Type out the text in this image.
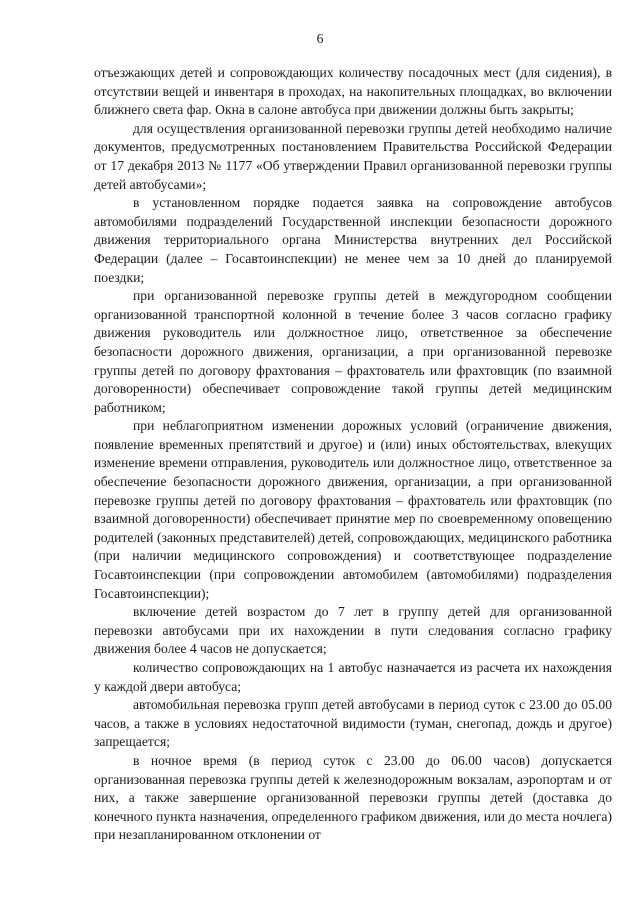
6

отъезжающих детей и сопровождающих количеству посадочных мест (для сидения), в отсутствии вещей и инвентаря в проходах, на накопительных площадках, во включении ближнего света фар. Окна в салоне автобуса при движении должны быть закрыты;

для осуществления организованной перевозки группы детей необходимо наличие документов, предусмотренных постановлением Правительства Российской Федерации от 17 декабря 2013 № 1177 «Об утверждении Правил организованной перевозки группы детей автобусами»;

в установленном порядке подается заявка на сопровождение автобусов автомобилями подразделений Государственной инспекции безопасности дорожного движения территориального органа Министерства внутренних дел Российской Федерации (далее – Госавтоинспекции) не менее чем за 10 дней до планируемой поездки;

при организованной перевозке группы детей в междугородном сообщении организованной транспортной колонной в течение более 3 часов согласно графику движения руководитель или должностное лицо, ответственное за обеспечение безопасности дорожного движения, организации, а при организованной перевозке группы детей по договору фрахтования – фрахтователь или фрахтовщик (по взаимной договоренности) обеспечивает сопровождение такой группы детей медицинским работником;

при неблагоприятном изменении дорожных условий (ограничение движения, появление временных препятствий и другое) и (или) иных обстоятельствах, влекущих изменение времени отправления, руководитель или должностное лицо, ответственное за обеспечение безопасности дорожного движения, организации, а при организованной перевозке группы детей по договору фрахтования – фрахтователь или фрахтовщик (по взаимной договоренности) обеспечивает принятие мер по своевременному оповещению родителей (законных представителей) детей, сопровождающих, медицинского работника (при наличии медицинского сопровождения) и соответствующее подразделение Госавтоинспекции (при сопровождении автомобилем (автомобилями) подразделения Госавтоинспекции);

включение детей возрастом до 7 лет в группу детей для организованной перевозки автобусами при их нахождении в пути следования согласно графику движения более 4 часов не допускается;

количество сопровождающих на 1 автобус назначается из расчета их нахождения у каждой двери автобуса;

автомобильная перевозка групп детей автобусами в период суток с 23.00 до 05.00 часов, а также в условиях недостаточной видимости (туман, снегопад, дождь и другое) запрещается;

в ночное время (в период суток с 23.00 до 06.00 часов) допускается организованная перевозка группы детей к железнодорожным вокзалам, аэропортам и от них, а также завершение организованной перевозки группы детей (доставка до конечного пункта назначения, определенного графиком движения, или до места ночлега) при незапланированном отклонении от
